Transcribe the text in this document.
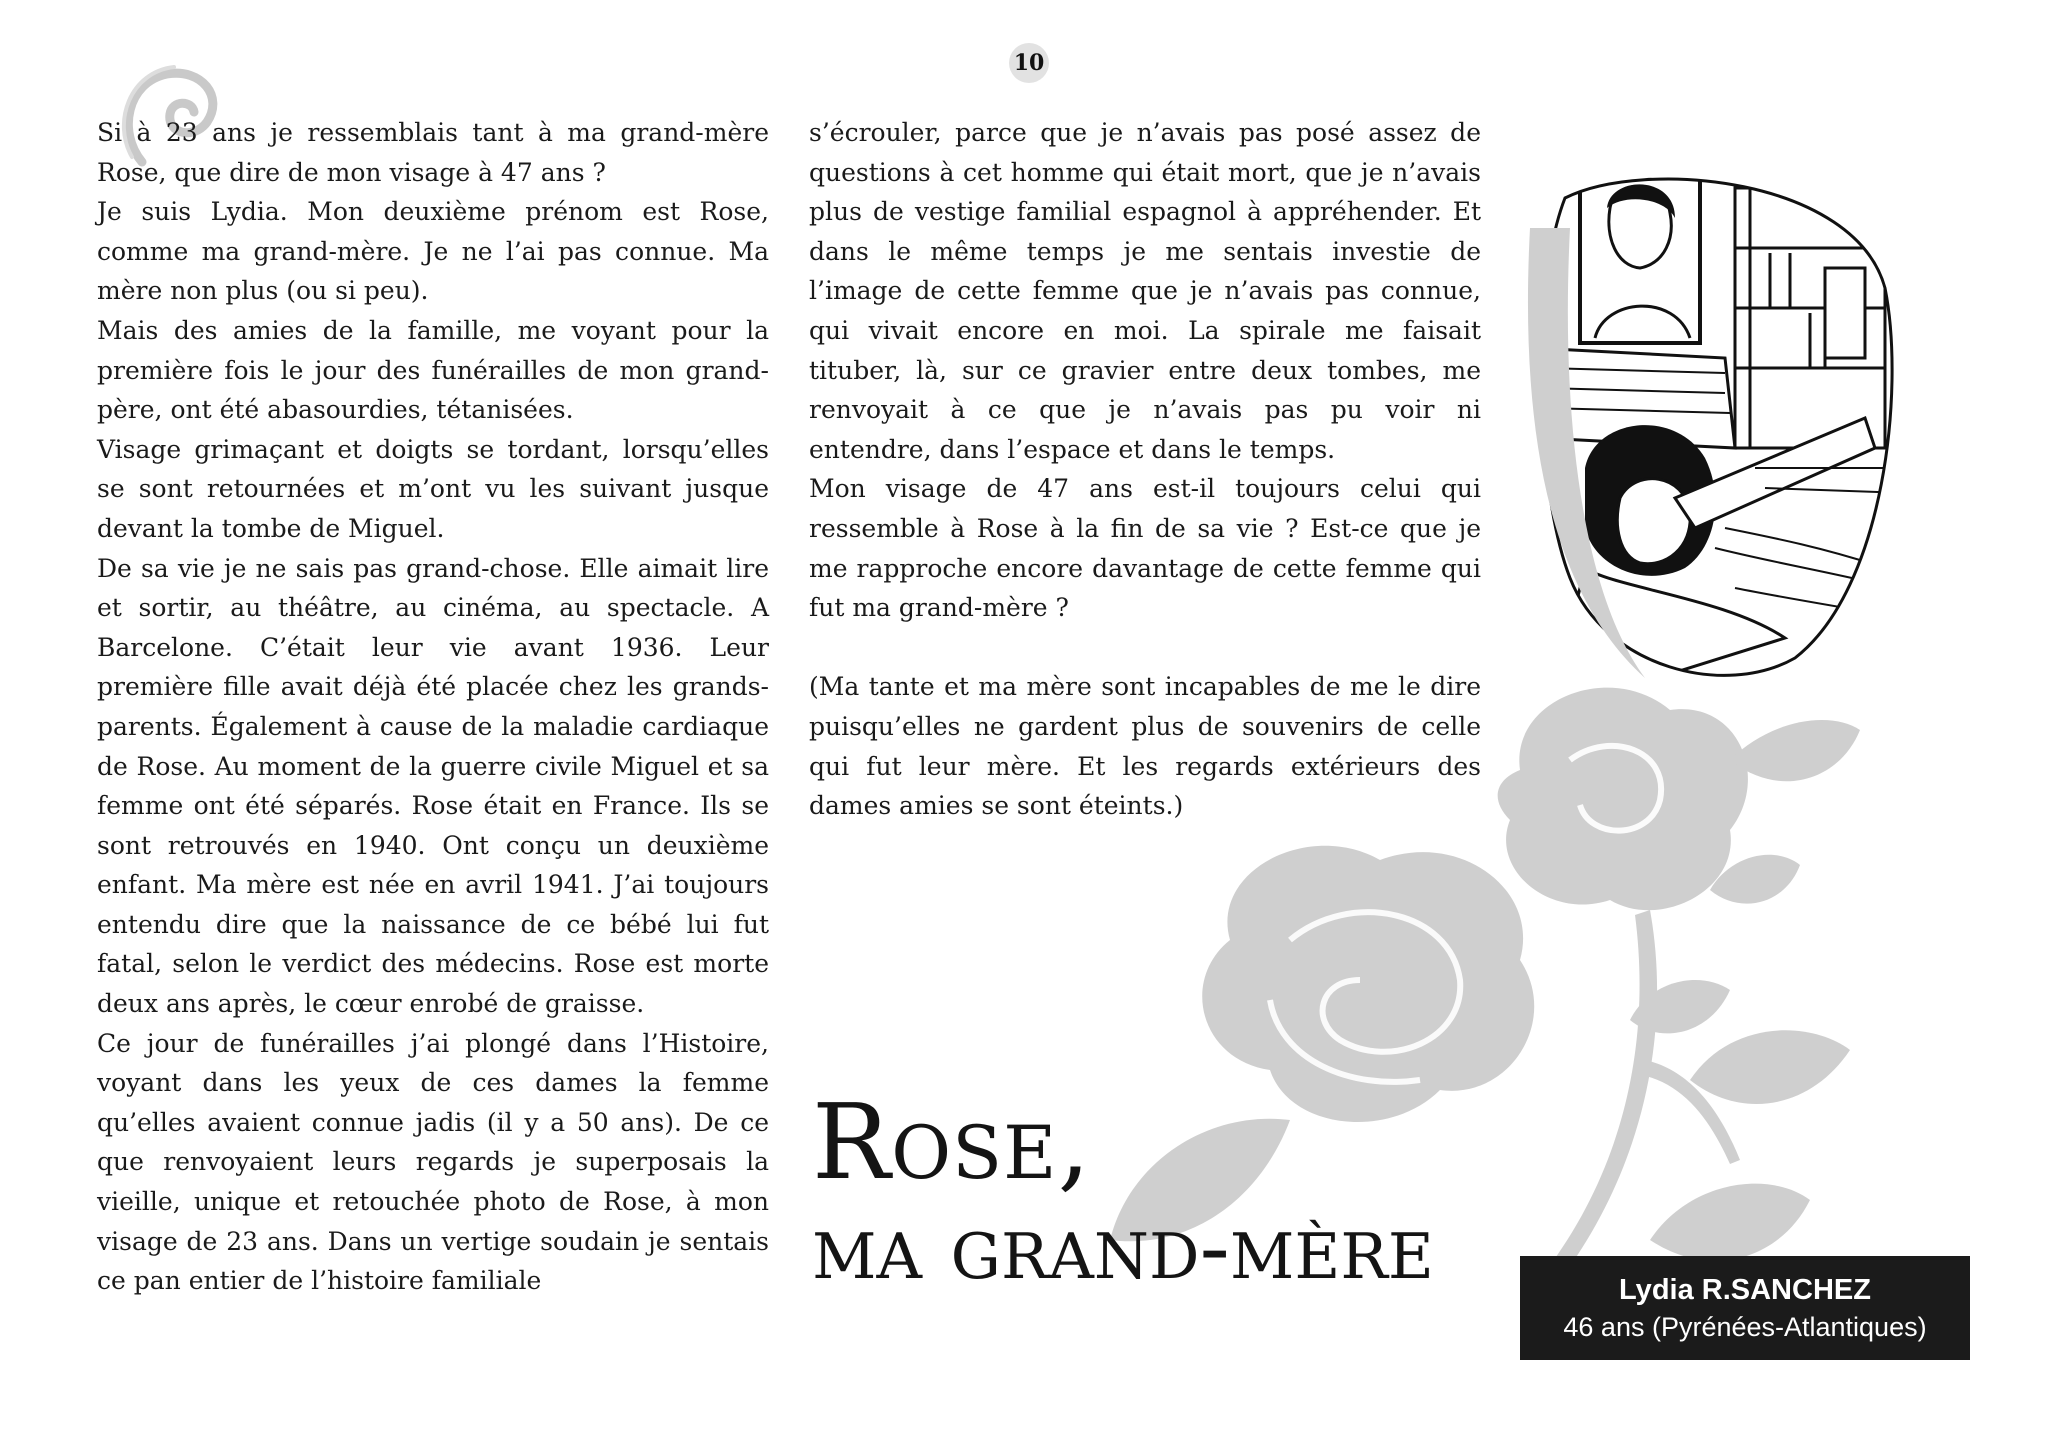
10

Si à 23 ans je ressemblais tant à ma grand-mère Rose, que dire de mon visage à 47 ans ?

Je suis Lydia. Mon deuxième prénom est Rose, comme ma grand-mère. Je ne l’ai pas connue. Ma mère non plus (ou si peu).

Mais des amies de la famille, me voyant pour la première fois le jour des funérailles de mon grand-père, ont été abasourdies, tétanisées.

Visage grimaçant et doigts se tordant, lorsqu’elles se sont retournées et m’ont vu les suivant jusque devant la tombe de Miguel.

De sa vie je ne sais pas grand-chose. Elle aimait lire et sortir, au théâtre, au cinéma, au spectacle. A Barcelone. C’était leur vie avant 1936. Leur première fille avait déjà été placée chez les grands-parents. Également à cause de la maladie cardiaque de Rose. Au moment de la guerre civile Miguel et sa femme ont été séparés. Rose était en France. Ils se sont retrouvés en 1940. Ont conçu un deuxième enfant. Ma mère est née en avril 1941. J’ai toujours entendu dire que la naissance de ce bébé lui fut fatal, selon le verdict des médecins. Rose est morte deux ans après, le cœur enrobé de graisse.

Ce jour de funérailles j’ai plongé dans l’Histoire, voyant dans les yeux de ces dames la femme qu’elles avaient connue jadis (il y a 50 ans). De ce que renvoyaient leurs regards je superposais la vieille, unique et retouchée photo de Rose, à mon visage de 23 ans. Dans un vertige soudain je sentais ce pan entier de l’histoire familiale

s’écrouler, parce que je n’avais pas posé assez de questions à cet homme qui était mort, que je n’avais plus de vestige familial espagnol à appréhender. Et dans le même temps je me sentais investie de l’image de cette femme que je n’avais pas connue, qui vivait encore en moi. La spirale me faisait tituber, là, sur ce gravier entre deux tombes, me renvoyait à ce que je n’avais pas pu voir ni entendre, dans l’espace et dans le temps.

Mon visage de 47 ans est-il toujours celui qui ressemble à Rose à la fin de sa vie ? Est-ce que je me rapproche encore davantage de cette femme qui fut ma grand-mère ?

(Ma tante et ma mère sont incapables de me le dire puisqu’elles ne gardent plus de souvenirs de celle qui fut leur mère. Et les regards extérieurs des dames amies se sont éteints.)

Rose,
ma grand-mère	Lydia R.SANCHEZ
46 ans (Pyrénées-Atlantiques)
